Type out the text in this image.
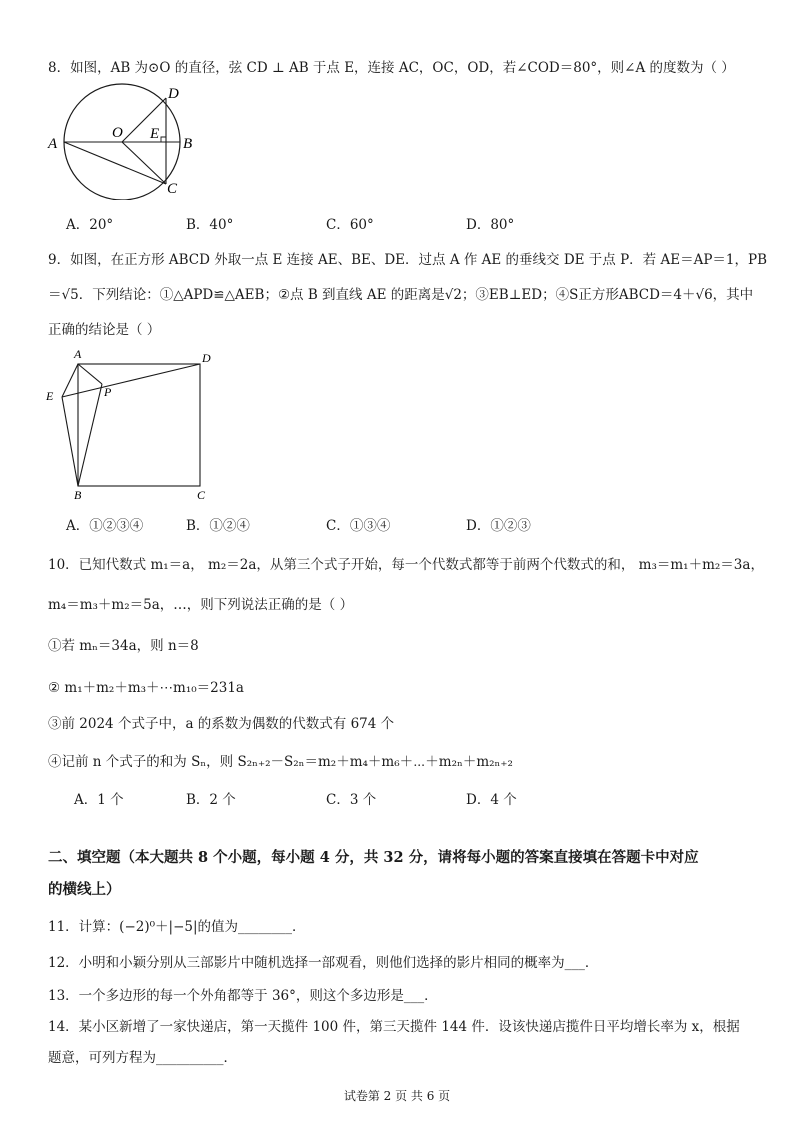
8．如图，AB 为⊙O 的直径，弦 CD ⊥ AB 于点 E，连接 AC，OC，OD，若∠COD＝80°，则∠A 的度数为（ ）
A	B
C
D
O E
A．20°	B．40°	C．60°	D．80°
9．如图，在正方形 ABCD 外取一点 E 连接 AE、BE、DE．过点 A 作 AE 的垂线交 DE 于点 P．若 AE＝AP＝1，PB
＝√5．下列结论：①△APD≌△AEB；②点 B 到直线 AE 的距离是√2；③EB⊥ED；④S正方形ABCD＝4＋√6，其中
正确的结论是（ ）
A	D
E	P
B	C
A．①②③④	B．①②④	C．①③④	D．①②③
10．已知代数式 m₁＝a， m₂＝2a，从第三个式子开始，每一个代数式都等于前两个代数式的和， m₃＝m₁＋m₂＝3a，
m₄＝m₃＋m₂＝5a，…，则下列说法正确的是（ ）
①若 mₙ＝34a，则 n＝8
② m₁＋m₂＋m₃＋⋯m₁₀＝231a
③前 2024 个式子中，a 的系数为偶数的代数式有 674 个
④记前 n 个式子的和为 Sₙ，则 S₂ₙ₊₂－S₂ₙ＝m₂＋m₄＋m₆＋⋯＋m₂ₙ＋m₂ₙ₊₂
A．1 个	B．2 个	C．3 个	D．4 个
二、填空题（本大题共 8 个小题，每小题 4 分，共 32 分，请将每小题的答案直接填在答题卡中对应
的横线上）
11．计算：(−2)⁰＋|−5|的值为________．
12．小明和小颖分别从三部影片中随机选择一部观看，则他们选择的影片相同的概率为___．
13．一个多边形的每一个外角都等于 36°，则这个多边形是___．
14．某小区新增了一家快递店，第一天揽件 100 件，第三天揽件 144 件．设该快递店揽件日平均增长率为 x，根据
题意，可列方程为__________．
试卷第 2 页 共 6 页
